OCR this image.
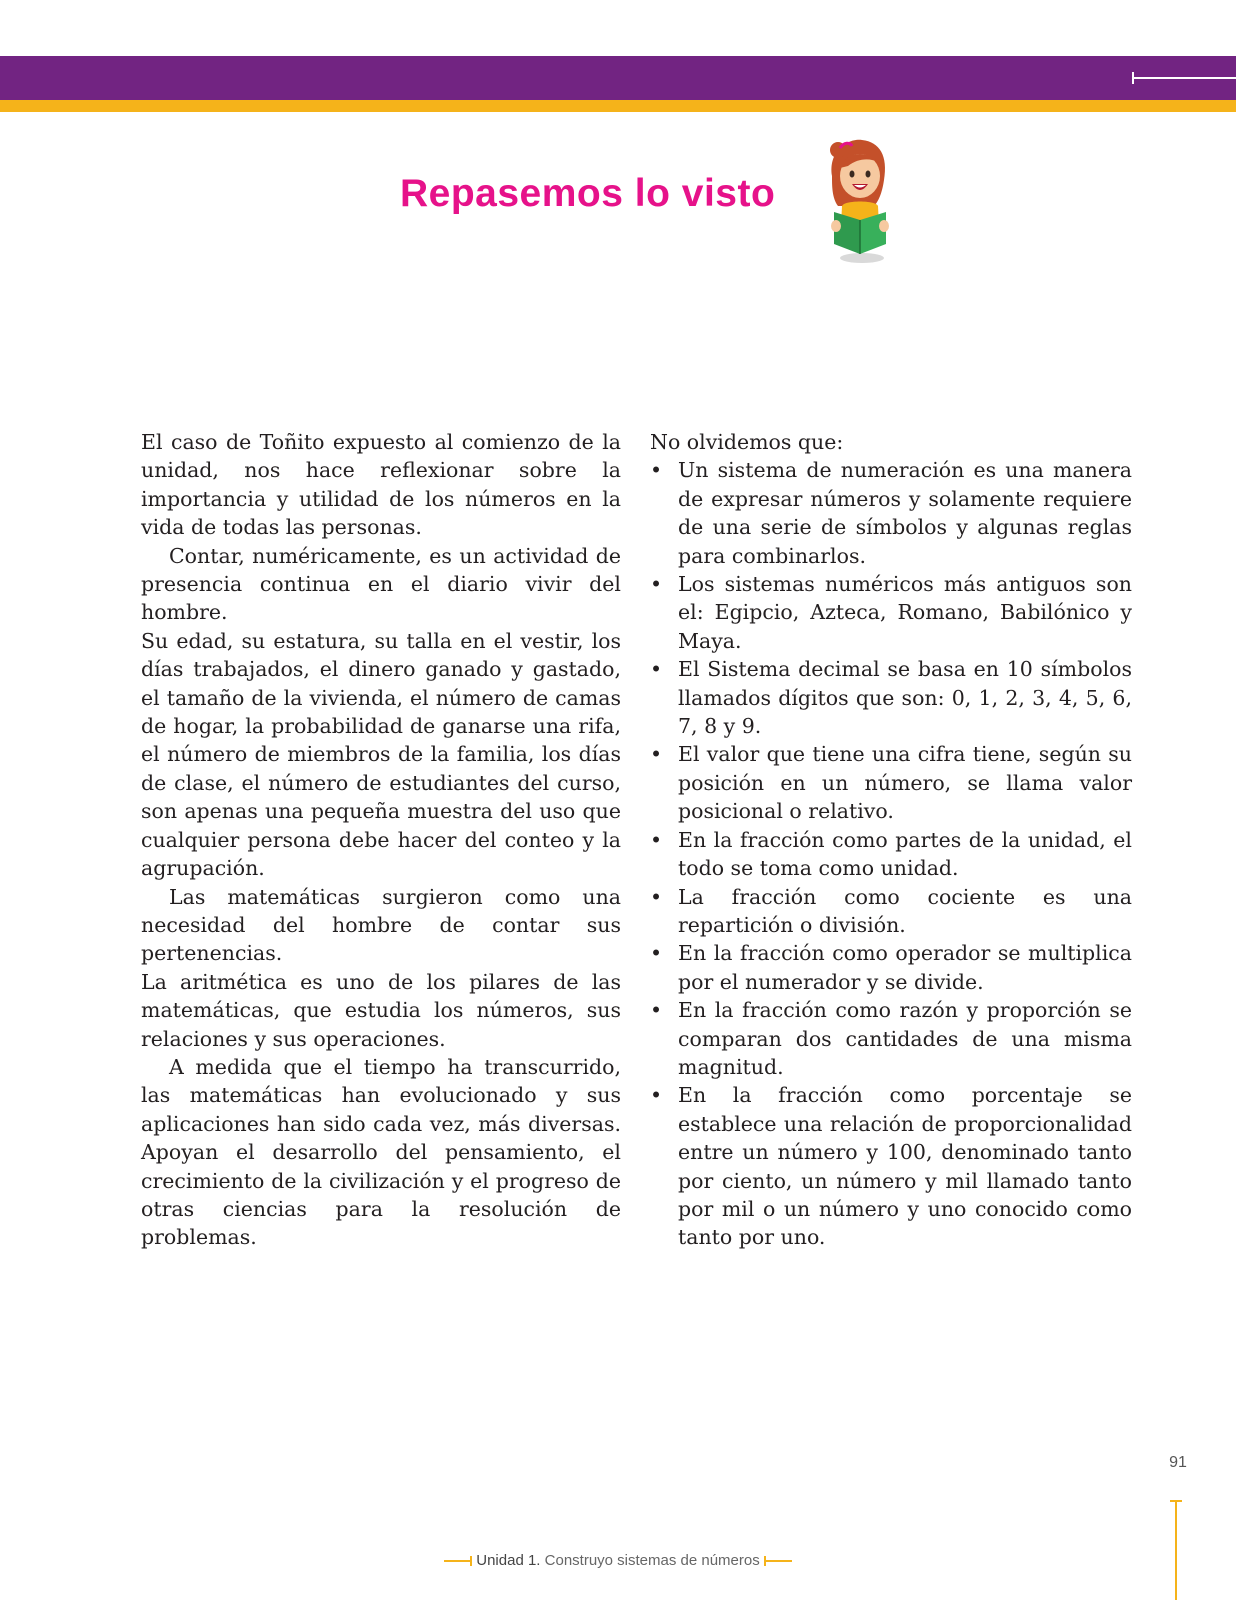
Repasemos lo visto

El caso de Toñito expuesto al comienzo de la unidad, nos hace reflexionar sobre la importancia y utilidad de los números en la vida de todas las personas.

Contar, numéricamente, es un actividad de presencia continua en el diario vivir del hombre.

Su edad, su estatura, su talla en el vestir, los días trabajados, el dinero ganado y gastado, el tamaño de la vivienda, el número de camas de hogar, la probabilidad de ganarse una rifa, el número de miembros de la familia, los días de clase, el número de estudiantes del curso, son apenas una pequeña muestra del uso que cualquier persona debe hacer del conteo y la agrupación.

Las matemáticas surgieron como una necesidad del hombre de contar sus pertenencias.

La aritmética es uno de los pilares de las matemáticas, que estudia los números, sus relaciones y sus operaciones.

A medida que el tiempo ha transcurrido, las matemáticas han evolucionado y sus aplicaciones han sido cada vez, más diversas. Apoyan el desarrollo del pensamiento, el crecimiento de la civilización y el progreso de otras ciencias para la resolución de problemas.

No olvidemos que:

• Un sistema de numeración es una manera de expresar números y solamente requiere de una serie de símbolos y algunas reglas para combinarlos.
• Los sistemas numéricos más antiguos son el: Egipcio, Azteca, Romano, Babilónico y Maya.
• El Sistema decimal se basa en 10 símbolos llamados dígitos que son: 0, 1, 2, 3, 4, 5, 6, 7, 8 y 9.
• El valor que tiene una cifra tiene, según su posición en un número, se llama valor posicional o relativo.
• En la fracción como partes de la unidad, el todo se toma como unidad.
• La fracción como cociente es una repartición o división.
• En la fracción como operador se multiplica por el numerador y se divide.
• En la fracción como razón y proporción se comparan dos cantidades de una misma magnitud.
• En la fracción como porcentaje se establece una relación de proporcionalidad entre un número y 100, denominado tanto por ciento, un número y mil llamado tanto por mil o un número y uno conocido como tanto por uno.
91
Unidad 1. Construyo sistemas de números
